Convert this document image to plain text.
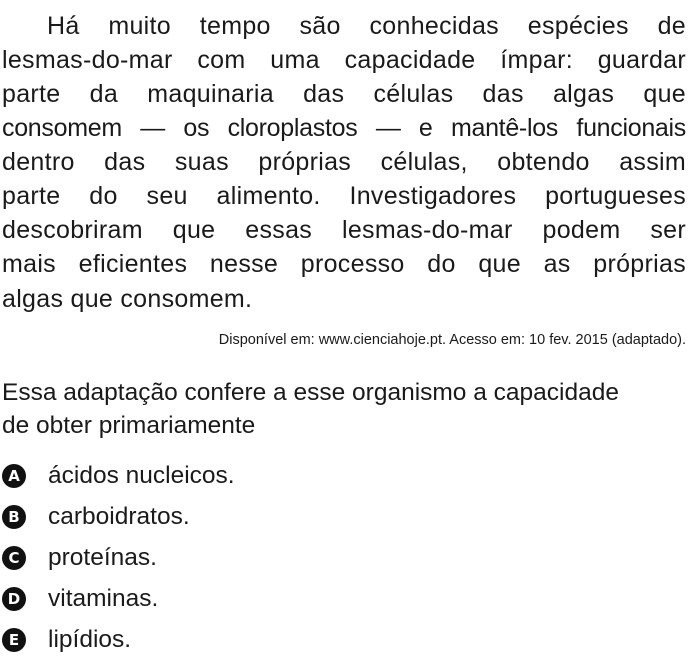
Há muito tempo são conhecidas espécies de
lesmas-do-mar com uma capacidade ímpar: guardar
parte da maquinaria das células das algas que
consomem — os cloroplastos — e mantê-los funcionais
dentro das suas próprias células, obtendo assim
parte do seu alimento. Investigadores portugueses
descobriram que essas lesmas-do-mar podem ser
mais eficientes nesse processo do que as próprias
algas que consomem.
Disponível em: www.cienciahoje.pt. Acesso em: 10 fev. 2015 (adaptado).
Essa adaptação confere a esse organismo a capacidade
de obter primariamente
A ácidos nucleicos.
B carboidratos.
C proteínas.
D vitaminas.
E lipídios.
